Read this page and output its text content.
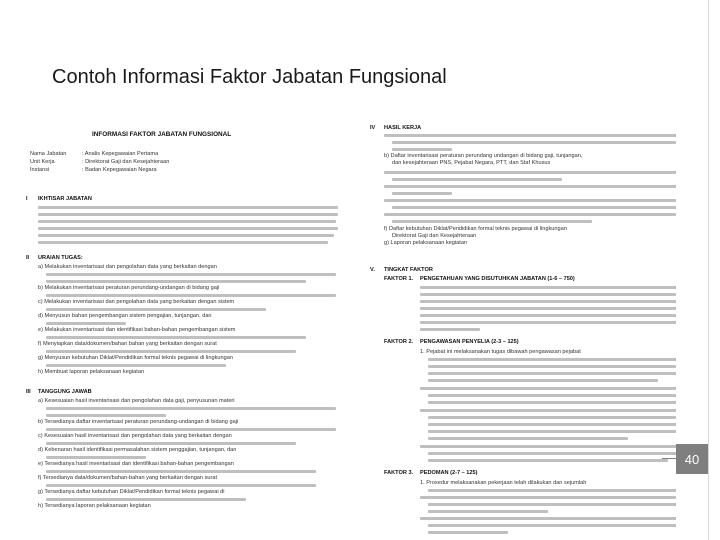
Contoh Informasi Faktor Jabatan Fungsional
INFORMASI FAKTOR JABATAN FUNGSIONAL
Nama Jabatan	: Analis Kepegawaian Pertama
Unit Kerja	: Direktorat Gaji dan Kesejahteraan
Instansi	: Badan Kepegawaian Negara
I IKHTISAR JABATAN
II URAIAN TUGAS:
a) Melakukan inventarisasi dan pengolahan data yang berkaitan dengan
b) Melakukan inventarisasi peraturan perundang-undangan di bidang gaji
c) Melakukan inventarisasi dan pengolahan data yang berkaitan dengan sistem
d) Menyusun bahan pengembangan sistem pengajian, tunjangan, dan
e) Melakukan inventarisasi dan identifikasi bahan-bahan pengembangan sistem
f) Menyiapkan data/dokumen/bahan bahan yang berkaitan dengan surat
g) Menyusun kebutuhan Diklat/Pendidikan formal teknis pegawai di lingkungan
h) Membuat laporan pelaksanaan kegiatan
III TANGGUNG JAWAB
a) Kesesuaian hasil inventarisasi dan pengolahan data gaji, penyusunan materi
b) Tersedianya daftar inventarisasi peraturan perundang-undangan di bidang gaji
c) Kesesuaian hasil inventarisasi dan pengolahan data yang berkaitan dengan
d) Kebenaran hasil identifikasi permasalahan sistem penggajian, tunjangan, dan
e) Tersedianya hasil inventarisasi dan identifikasi bahan-bahan pengembangan
f) Tersedianya data/dokumen/bahan-bahan yang berkaitan dengan surat
g) Tersedianya daftar kebutuhan Diklat/Pendidikan formal teknis pegawai di
h) Tersedianya laporan pelaksanaan kegiatan
IV HASIL KERJA
b) Daftar inventarisasi peraturan perundang undangan di bidang gaji, tunjangan,
dan kesejahteraan PNS, Pejabat Negara, PTT, dan Staf Khusus
f) Daftar kebutuhan Diklat/Pendidikan formal teknis pegawai di lingkungan
Direktorat Gaji dan Kesejahteraan
g) Laporan pelaksanaan kegiatan
V. TINGKAT FAKTOR
FAKTOR 1. PENGETAHUAN YANG DISUTUHKAN JABATAN (1-6 – 750)
FAKTOR 2. PENGAWASAN PENYELIA (2-3 – 125)
1. Pejabat ini melaksanakan tugas dibawah pengawasan pejabat
FAKTOR 3. PEDOMAN (2-7 – 125)
1. Prosedur melaksanakan pekerjaan telah dilakukan dan sejumlah
40
